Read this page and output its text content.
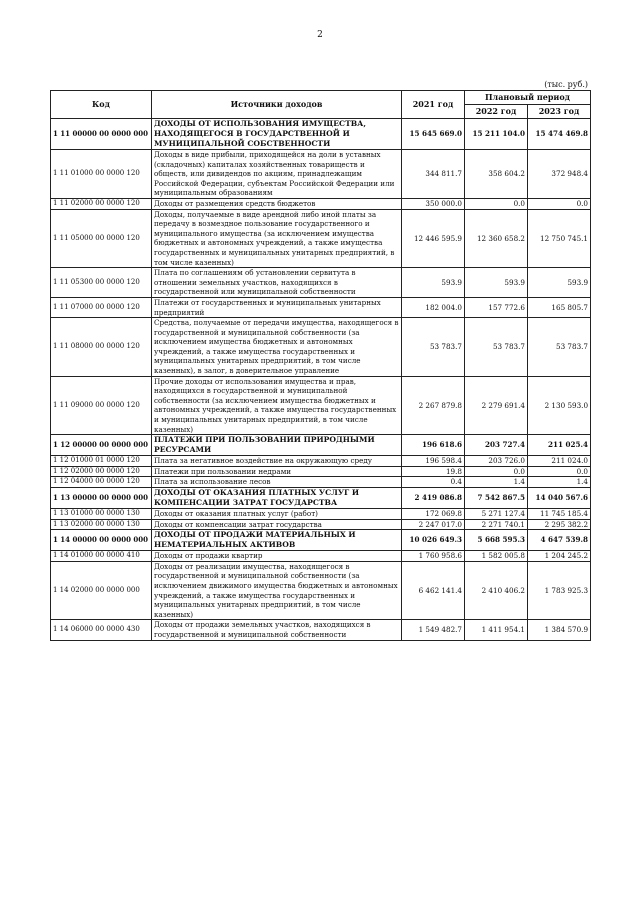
2
(тыс. руб.)
Код	Источники доходов	2021 год	Плановый период	
			2022 год	2023 год
1 11 00000 00 0000 000	ДОХОДЫ ОТ ИСПОЛЬЗОВАНИЯ ИМУЩЕСТВА, НАХОДЯЩЕГОСЯ В ГОСУДАРСТВЕННОЙ И МУНИЦИПАЛЬНОЙ СОБСТВЕННОСТИ	15 645 669.0	15 211 104.0	15 474 469.8
1 11 01000 00 0000 120	Доходы в виде прибыли, приходящейся на доли в уставных (складочных) капиталах хозяйственных товариществ и обществ, или дивидендов по акциям, принадлежащим Российской Федерации, субъектам Российской Федерации или муниципальным образованиям	344 811.7	358 604.2	372 948.4
1 11 02000 00 0000 120	Доходы от размещения средств бюджетов	350 000.0	0.0	0.0
1 11 05000 00 0000 120	Доходы, получаемые в виде арендной либо иной платы за передачу в возмездное пользование государственного и муниципального имущества (за исключением имущества бюджетных и автономных учреждений, а также имущества государственных и муниципальных унитарных предприятий, в том числе казенных)	12 446 595.9	12 360 658.2	12 750 745.1
1 11 05300 00 0000 120	Плата по соглашениям об установлении сервитута в отношении земельных участков, находящихся в государственной или муниципальной собственности	593.9	593.9	593.9
1 11 07000 00 0000 120	Платежи от государственных и муниципальных унитарных предприятий	182 004.0	157 772.6	165 805.7
1 11 08000 00 0000 120	Средства, получаемые от передачи имущества, находящегося в государственной и муниципальной собственности (за исключением имущества бюджетных и автономных учреждений, а также имущества государственных и муниципальных унитарных предприятий, в том числе казенных), в залог, в доверительное управление	53 783.7	53 783.7	53 783.7
1 11 09000 00 0000 120	Прочие доходы от использования имущества и прав, находящихся в государственной и муниципальной собственности (за исключением имущества бюджетных и автономных учреждений, а также имущества государственных и муниципальных унитарных предприятий, в том числе казенных)	2 267 879.8	2 279 691.4	2 130 593.0
1 12 00000 00 0000 000	ПЛАТЕЖИ ПРИ ПОЛЬЗОВАНИИ ПРИРОДНЫМИ РЕСУРСАМИ	196 618.6	203 727.4	211 025.4
1 12 01000 01 0000 120	Плата за негативное воздействие на окружающую среду	196 598.4	203 726.0	211 024.0
1 12 02000 00 0000 120	Платежи при пользовании недрами	19.8	0.0	0.0
1 12 04000 00 0000 120	Плата за использование лесов	0.4	1.4	1.4
1 13 00000 00 0000 000	ДОХОДЫ ОТ ОКАЗАНИЯ ПЛАТНЫХ УСЛУГ И КОМПЕНСАЦИИ ЗАТРАТ ГОСУДАРСТВА	2 419 086.8	7 542 867.5	14 040 567.6
1 13 01000 00 0000 130	Доходы от оказания платных услуг (работ)	172 069.8	5 271 127.4	11 745 185.4
1 13 02000 00 0000 130	Доходы от компенсации затрат государства	2 247 017.0	2 271 740.1	2 295 382.2
1 14 00000 00 0000 000	ДОХОДЫ ОТ ПРОДАЖИ МАТЕРИАЛЬНЫХ И НЕМАТЕРИАЛЬНЫХ АКТИВОВ	10 026 649.3	5 668 595.3	4 647 539.8
1 14 01000 00 0000 410	Доходы от продажи квартир	1 760 958.6	1 582 005.8	1 204 245.2
1 14 02000 00 0000 000	Доходы от реализации имущества, находящегося в государственной и муниципальной собственности (за исключением движимого имущества бюджетных и автономных учреждений, а также имущества государственных и муниципальных унитарных предприятий, в том числе казенных)	6 462 141.4	2 410 406.2	1 783 925.3
1 14 06000 00 0000 430	Доходы от продажи земельных участков, находящихся в государственной и муниципальной собственности	1 549 482.7	1 411 954.1	1 384 570.9
